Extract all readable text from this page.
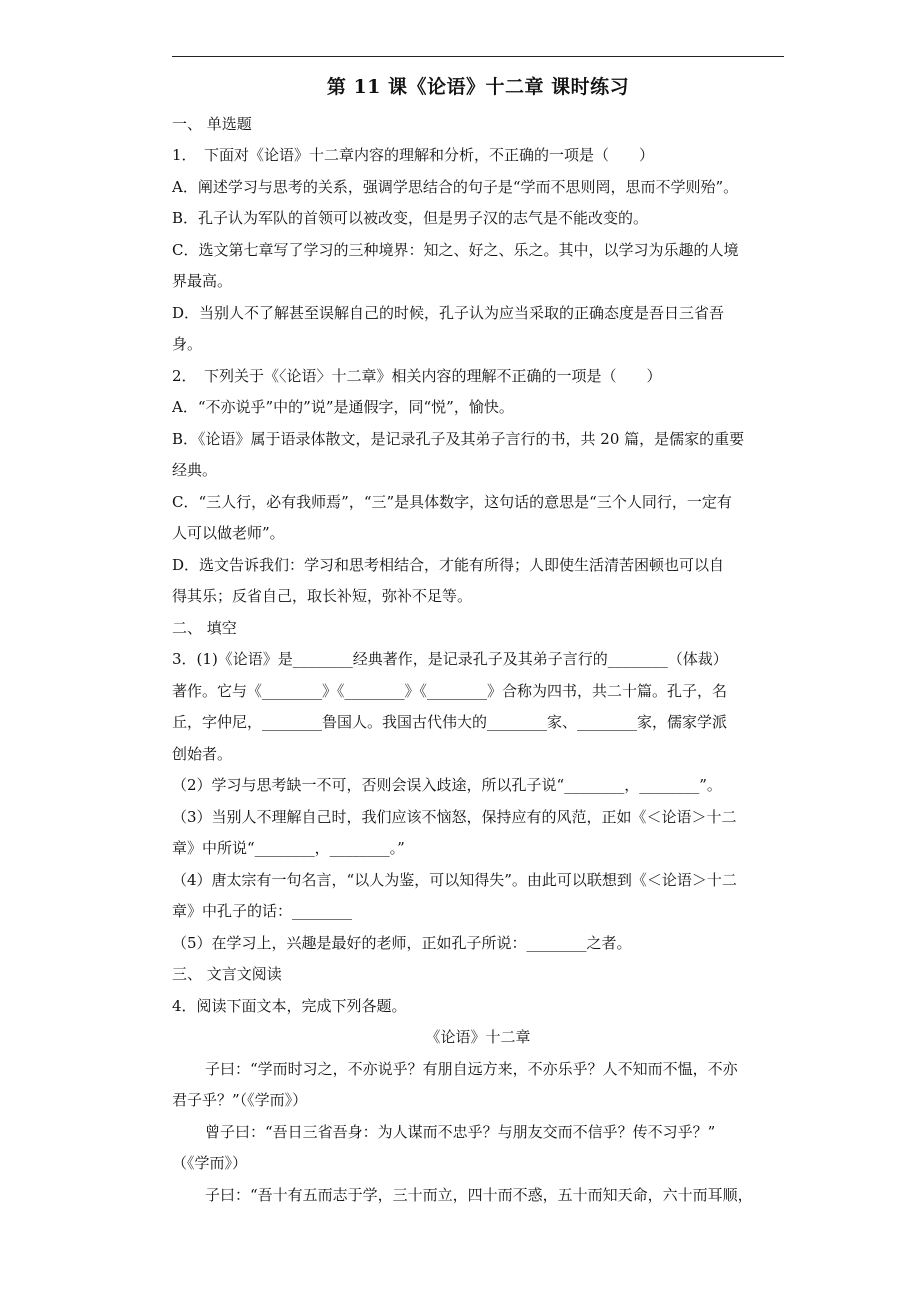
第 11 课《论语》十二章 课时练习
一、 单选题
1．　下面对《论语》十二章内容的理解和分析，不正确的一项是（　　）
A．阐述学习与思考的关系，强调学思结合的句子是“学而不思则罔，思而不学则殆”。
B．孔子认为军队的首领可以被改变，但是男子汉的志气是不能改变的。
C．选文第七章写了学习的三种境界：知之、好之、乐之。其中，以学习为乐趣的人境
界最高。
D．当别人不了解甚至误解自己的时候，孔子认为应当采取的正确态度是吾日三省吾
身。
2．　下列关于《〈论语〉十二章》相关内容的理解不正确的一项是（　　）
A．“不亦说乎”中的”说”是通假字，同“悦”，愉快。
B．《论语》属于语录体散文，是记录孔子及其弟子言行的书，共 20 篇，是儒家的重要
经典。
C．“三人行，必有我师焉”，“三”是具体数字，这句话的意思是“三个人同行，一定有
人可以做老师”。
D．选文告诉我们：学习和思考相结合，才能有所得；人即使生活清苦困顿也可以自
得其乐；反省自己，取长补短，弥补不足等。
二、 填空
3．(1)《论语》是________经典著作，是记录孔子及其弟子言行的________（体裁）
著作。它与《________》《________》《________》合称为四书，共二十篇。孔子，名
丘，字仲尼，________鲁国人。我国古代伟大的________家、________家，儒家学派
创始者。
（2）学习与思考缺一不可，否则会误入歧途，所以孔子说“________，________”。
（3）当别人不理解自己时，我们应该不恼怒，保持应有的风范，正如《＜论语＞十二
章》中所说“________，________。”
（4）唐太宗有一句名言，“以人为鉴，可以知得失”。由此可以联想到《＜论语＞十二
章》中孔子的话：________
（5）在学习上，兴趣是最好的老师，正如孔子所说：________之者。
三、 文言文阅读
4．阅读下面文本，完成下列各题。
《论语》十二章
子曰：“学而时习之，不亦说乎？有朋自远方来，不亦乐乎？人不知而不愠，不亦
君子乎？”（《学而》）
曾子曰：“吾日三省吾身：为人谋而不忠乎？与朋友交而不信乎？传不习乎？”
（《学而》）
子曰：“吾十有五而志于学，三十而立，四十而不惑，五十而知天命，六十而耳顺，
